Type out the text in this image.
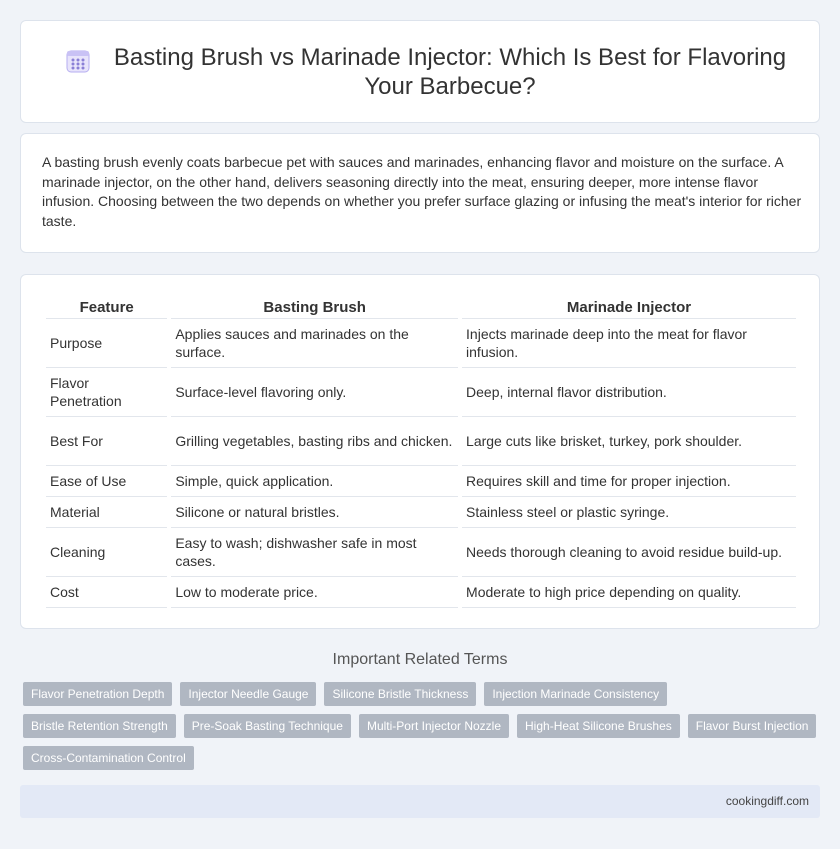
Basting Brush vs Marinade Injector: Which Is Best for Flavoring Your Barbecue?

A basting brush evenly coats barbecue pet with sauces and marinades, enhancing flavor and moisture on the surface. A marinade injector, on the other hand, delivers seasoning directly into the meat, ensuring deeper, more intense flavor infusion. Choosing between the two depends on whether you prefer surface glazing or infusing the meat's interior for richer taste.

Feature	Basting Brush	Marinade Injector
Purpose	Applies sauces and marinades on the surface.	Injects marinade deep into the meat for flavor infusion.
Flavor Penetration	Surface-level flavoring only.	Deep, internal flavor distribution.
Best For	Grilling vegetables, basting ribs and chicken.	Large cuts like brisket, turkey, pork shoulder.
Ease of Use	Simple, quick application.	Requires skill and time for proper injection.
Material	Silicone or natural bristles.	Stainless steel or plastic syringe.
Cleaning	Easy to wash; dishwasher safe in most cases.	Needs thorough cleaning to avoid residue build-up.
Cost	Low to moderate price.	Moderate to high price depending on quality.
Important Related Terms
Flavor Penetration Depth	Injector Needle Gauge	Silicone Bristle Thickness	Injection Marinade Consistency
Bristle Retention Strength	Pre-Soak Basting Technique	Multi-Port Injector Nozzle	High-Heat Silicone Brushes	Flavor Burst Injection
Cross-Contamination Control
cookingdiff.com
